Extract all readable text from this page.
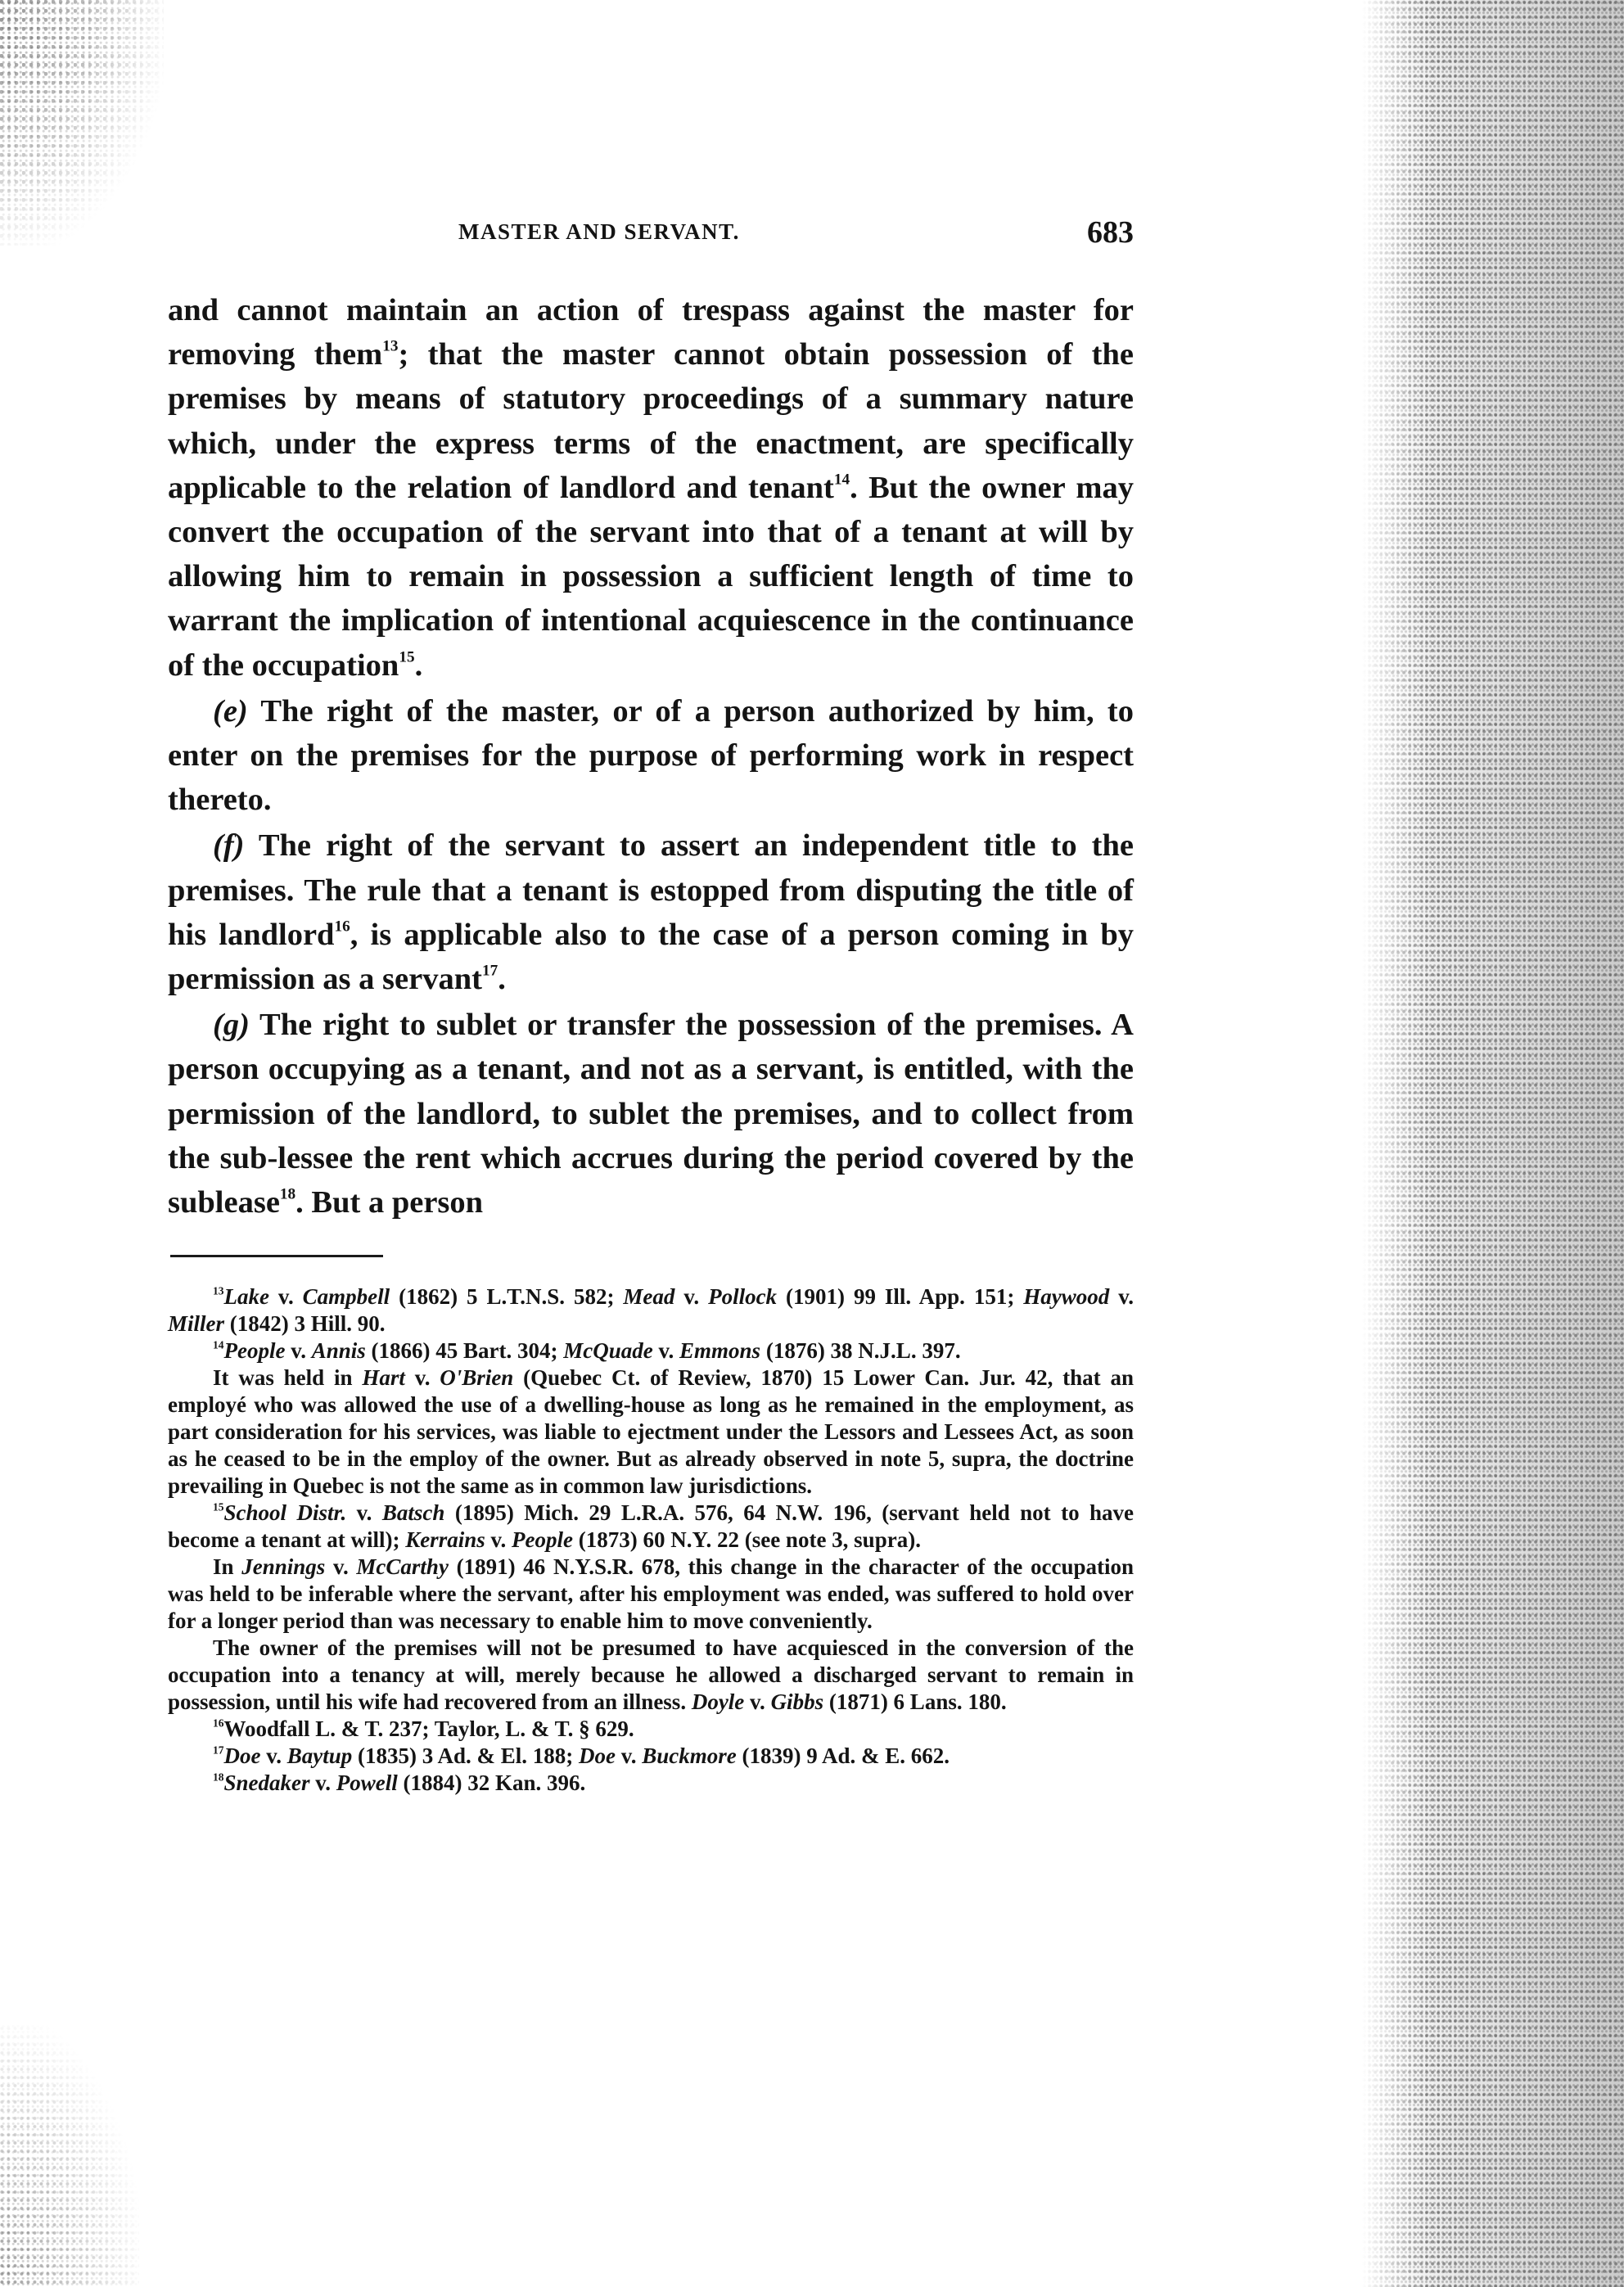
MASTER AND SERVANT.	683

and cannot maintain an action of trespass against the master for removing them$^{13}$; that the master cannot obtain possession of the premises by means of statutory proceedings of a summary nature which, under the express terms of the enactment, are specifically applicable to the relation of landlord and tenant$^{14}$. But the owner may convert the occupation of the servant into that of a tenant at will by allowing him to remain in possession a sufficient length of time to warrant the implication of intentional acquiescence in the continuance of the occupation$^{15}$.

(e) The right of the master, or of a person authorized by him, to enter on the premises for the purpose of performing work in respect thereto.

(f) The right of the servant to assert an independent title to the premises. The rule that a tenant is estopped from disputing the title of his landlord$^{16}$, is applicable also to the case of a person coming in by permission as a servant$^{17}$.

(g) The right to sublet or transfer the possession of the premises. A person occupying as a tenant, and not as a servant, is entitled, with the permission of the landlord, to sublet the premises, and to collect from the sub-lessee the rent which accrues during the period covered by the sublease$^{18}$. But a person

$^{13}$Lake v. Campbell (1862) 5 L.T.N.S. 582; Mead v. Pollock (1901) 99 Ill. App. 151; Haywood v. Miller (1842) 3 Hill. 90.

$^{14}$People v. Annis (1866) 45 Bart. 304; McQuade v. Emmons (1876) 38 N.J.L. 397.

It was held in Hart v. O'Brien (Quebec Ct. of Review, 1870) 15 Lower Can. Jur. 42, that an employé who was allowed the use of a dwelling-house as long as he remained in the employment, as part consideration for his services, was liable to ejectment under the Lessors and Lessees Act, as soon as he ceased to be in the employ of the owner. But as already observed in note 5, supra, the doctrine prevailing in Quebec is not the same as in common law jurisdictions.

$^{15}$School Distr. v. Batsch (1895) Mich. 29 L.R.A. 576, 64 N.W. 196, (servant held not to have become a tenant at will); Kerrains v. People (1873) 60 N.Y. 22 (see note 3, supra).

In Jennings v. McCarthy (1891) 46 N.Y.S.R. 678, this change in the character of the occupation was held to be inferable where the servant, after his employment was ended, was suffered to hold over for a longer period than was necessary to enable him to move conveniently.

The owner of the premises will not be presumed to have acquiesced in the conversion of the occupation into a tenancy at will, merely because he allowed a discharged servant to remain in possession, until his wife had recovered from an illness. Doyle v. Gibbs (1871) 6 Lans. 180.

$^{16}$Woodfall L. & T. 237; Taylor, L. & T. § 629.

$^{17}$Doe v. Baytup (1835) 3 Ad. & El. 188; Doe v. Buckmore (1839) 9 Ad. & E. 662.

$^{18}$Snedaker v. Powell (1884) 32 Kan. 396.
